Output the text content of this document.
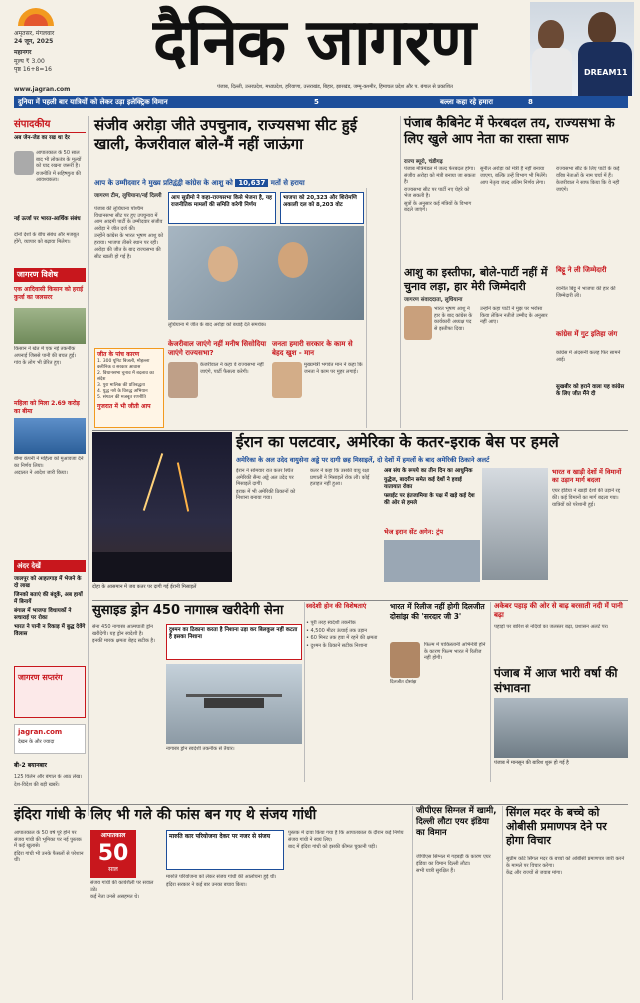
अमृतसर, मंगलवार
24 जून, 2025
महानगर
मूल्य ₹ 3.00
पृष्ठ 16+8=16	दैनिक जागरण
पंजाब, दिल्ली, उत्तरप्रदेश, मध्यप्रदेश, हरियाणा, उत्तराखंड, बिहार, झारखंड, जम्मू-कश्मीर, हिमाचल प्रदेश और प. बंगाल से प्रकाशित
www.jagran.com
DREAM11
दुनिया में पहली बार यात्रियों को लेकर उड़ा इलेक्ट्रिक विमान	5	बल्ला कहा रहे हमारा	8
संपादकीय
अब जेन-जेड का रख था देर

आपातकाल के 50 साल बाद भी लोकतंत्र के मूल्यों को याद रखना जरूरी है।

राजनीति में सहिष्णुता की आवश्यकता।

नई ऊर्जा पर भारत-आर्थिक संबंध

दोनों देशों के बीच संबंध और मजबूत होंगे, व्यापार को बढ़ावा मिलेगा।

जागरण विशेष
एक आदिवासी किसान को हराई कुर्जा का जलसरर

किसान ने खेत में एक नई तकनीक अपनाई जिससे पानी की बचत हुई।

गांव के लोग भी प्रेरित हुए।

महिला को मिला 2.69 करोड़ का बीमा

बीमा कंपनी ने महिला को मुआवजा देने का निर्णय लिया।

अदालत ने आदेश जारी किया।

अंदर देखें
जालपूर को आहतगाड़ में भेजने के दो लाख
जिनको बताएं की बंदूकें, अब हायों में बिनायें
बंगाल में भाजपा विधायकों ने सचाराई पर रोका
भारत ने पानी न रिकाड़ में बुद्ध देवेंगे विलास
जागरण सप्तरंग
jagran.com
देखन के और ज्यादा
बी-2 बयानबार

125 विलेन और बंगाल के आठ लेख।

देश-विदेश की बड़ी खबरें।

संजीव अरोड़ा जीते उपचुनाव, राज्यसभा सीट हुई खाली, केजरीवाल बोले-मैं नहीं जाऊंगा
आप के उम्मीदवार ने मुख्य प्रतिद्वंद्वी कांग्रेस के आशु को 10,637 मतों से हराया
जागरण टीम, लुधियाना/नई दिल्ली

पंजाब की लुधियाना पश्चिम विधानसभा सीट पर हुए उपचुनाव में आम आदमी पार्टी के उम्मीदवार संजीव अरोड़ा ने जीत दर्ज की।

उन्होंने कांग्रेस के भारत भूषण आशु को हराया। भाजपा तीसरे स्थान पर रही।

अरोड़ा की जीत के बाद राज्यसभा की सीट खाली हो गई है।

आप सुप्रीमो ने कहा-राज्यसभा किसे भेजना है, यह राजनीतिक मामलों की समिति करेगी निर्णय
भाजपा को 20,323 और शिरोमणि अकाली दल को 8,203 वोट

लुधियाना में जीत के बाद अरोड़ा को बधाई देते समर्थक।

केजरीवाल जाएंगे नहीं मनीष सिसोदिया जाएंगे राज्यसभा?

केजरीवाल ने कहा वे राज्यसभा नहीं जाएंगे, पार्टी फैसला करेगी।

जनता हमारी सरकार के काम से बेहद खुश - मान

मुख्यमंत्री भगवंत मान ने कहा कि जनता ने काम पर मुहर लगाई।

पंजाब कैबिनेट में फेरबदल तय, राज्यसभा के लिए खुले आप नेता का रास्ता साफ
राज्य ब्यूरो, चंडीगढ़

पंजाब मंत्रिमंडल में जल्द फेरबदल होगा। संजीव अरोड़ा को मंत्री बनाया जा सकता है।

राज्यसभा सीट पर पार्टी नए चेहरे को भेज सकती है।

सूत्रों के अनुसार कई मंत्रियों के विभाग बदले जाएंगे।

सुनील अरोड़ा को मंत्री हैं नहीं बनाया जाएगा, बल्कि उन्हें विभाग भी मिलेंगे।

आप नेतृत्व जल्द अंतिम निर्णय लेगा।

राज्यसभा सीट के लिए पार्टी के कई वरिष्ठ नेताओं के नाम चर्चा में हैं।

केजरीवाल ने साफ किया कि वे नहीं जाएंगे।

आशु का इस्तीफा, बोले-पार्टी नहीं में चुनाव लड़ा, हार मेरी जिम्मेदारी
जागरण संवाददाता, लुधियाना

भारत भूषण आशु ने हार के बाद कांग्रेस के कार्यकारी अध्यक्ष पद से इस्तीफा दिया।

उन्होंने कहा पार्टी ने मुझ पर भरोसा किया लेकिन नतीजे उम्मीद के अनुसार नहीं आए।

बिट्टू ने ली जिम्मेदारी

रवनीत बिट्टू ने भाजपा की हार की जिम्मेदारी ली।

कांग्रेस में गुट इतिहा जंग

कांग्रेस में अंदरूनी कलह फिर सामने आई।

सुखबीर को हराने वाला यह कांग्रेस के लिए जीत मैंने दी
ईरान का पलटवार, अमेरिका के कतर-इराक बेस पर हमले
अमेरिका के अल उदेद वायुसेना अड्डे पर दागी छह मिसाइलें, दो देशों में हमलों के बाद अमेरिकी ठिकाने अलर्ट
दोहा के आसमान में जब कतर पर दागी गई ईरानी मिसाइलें

ईरान ने सोमवार रात कतर स्थित अमेरिकी सैन्य अड्डे अल उदेद पर मिसाइलें दागीं।

इराक में भी अमेरिकी ठिकानों को निशाना बनाया गया।

कतर ने कहा कि उसकी वायु रक्षा प्रणाली ने मिसाइलें रोक लीं। कोई हताहत नहीं हुआ।

अब संघ के रूपये का तीन दिन का आधुनिक
युद्धेज, बादरीन समेत कई देशों ने हवाई यातायात रोका
फ्लाईट पर इंतजामिया के पक्ष में खड़े कई देश की ओर से हमले
भेज इरान सेंट अगेन: ट्रंप
भारत व खाड़ी देशों में विमानों का उड़ान मार्ग बदला

एयर इंडिया ने खाड़ी देशों की उड़ानें रद्द कीं। कई विमानों का मार्ग बदला गया।

यात्रियों को परेशानी हुई।

सुसाइड ड्रोन 450 नागास्त्र खरीदेगी सेना

सेना 450 नागास्त्र आत्मघाती ड्रोन खरीदेगी। यह ड्रोन स्वदेशी है।

इनकी मारक क्षमता बेहद सटीक है।

दुश्मन का ठिकाना करता है निशाना उड़ा कर बिलकुल नहीं कटता है इसका निशाना

नागास्त्र ड्रोन स्वदेशी तकनीक से तैयार।

स्वदेशी होन की विशेषताएं

• पूरी तरह स्वदेशी तकनीक

• 4,500 मीटर ऊंचाई तक उड़ान

• 60 मिनट तक हवा में रहने की क्षमता

• दुश्मन के ठिकाने सटीक निशाना

भारत में रिलीज नहीं होगी दिलजीत दोसांझ की 'सरदार जी 3'
दिलजीत दोसांझ

फिल्म में पाकिस्तानी अभिनेत्री होने के कारण फिल्म भारत में रिलीज नहीं होगी।

अकेबर पहाड़ की ओर से बाढ़ बरसाती नदी में पानी बढ़ा

पहाड़ों पर बारिश से नदियों का जलस्तर बढ़ा, प्रशासन अलर्ट पर।

पंजाब में आज भारी वर्षा की संभावना
पंजाब में मानसून की बारिश शुरू हो गई है
इंदिरा गांधी के लिए भी गले की फांस बन गए थे संजय गांधी

आपातकाल के 50 वर्ष पूरे होने पर संजय गांधी की भूमिका पर नई पुस्तक में कई खुलासे।

इंदिरा गांधी भी उनके फैसलों से परेशान थीं।

आपातकाल
50
साल

संजय गांधी की कार्यशैली पर सवाल उठे।

कई नेता उनसे असहमत थे।

मारुति कार परियोजना देकर पर नजर से संजय

मारुति परियोजना को लेकर संजय गांधी की आलोचना हुई थी।

इंदिरा सरकार ने कई बार उनका बचाव किया।

पुस्तक में दावा किया गया है कि आपातकाल के दौरान कई निर्णय संजय गांधी ने स्वयं लिए।

बाद में इंदिरा गांधी को इसकी कीमत चुकानी पड़ी।

जीपीएस सिग्नल में खामी, दिल्ली लौटा एयर इंडिया का विमान

जीपीएस सिग्नल में गड़बड़ी के कारण एयर इंडिया का विमान दिल्ली लौटा।

सभी यात्री सुरक्षित हैं।

सिंगल मदर के बच्चे को ओबीसी प्रमाणपत्र देने पर होगा विचार

सुप्रीम कोर्ट सिंगल मदर के बच्चों को ओबीसी प्रमाणपत्र जारी करने के मामले पर विचार करेगा।

केंद्र और राज्यों से जवाब मांगा।

जीत के पांच कारण
1. 300 यूनिट बिजली, मोहल्ला क्लीनिक व सरकार आवास
2. विधानसभा चुनाव में बदलाव का संदेश
3. पुरा मालिक की प्रतिबद्धता
4. युद्ध नशे के विरुद्ध अभियान
5. संगठन की मजबूत रणनीति
गुजरात में भी जीती आप
